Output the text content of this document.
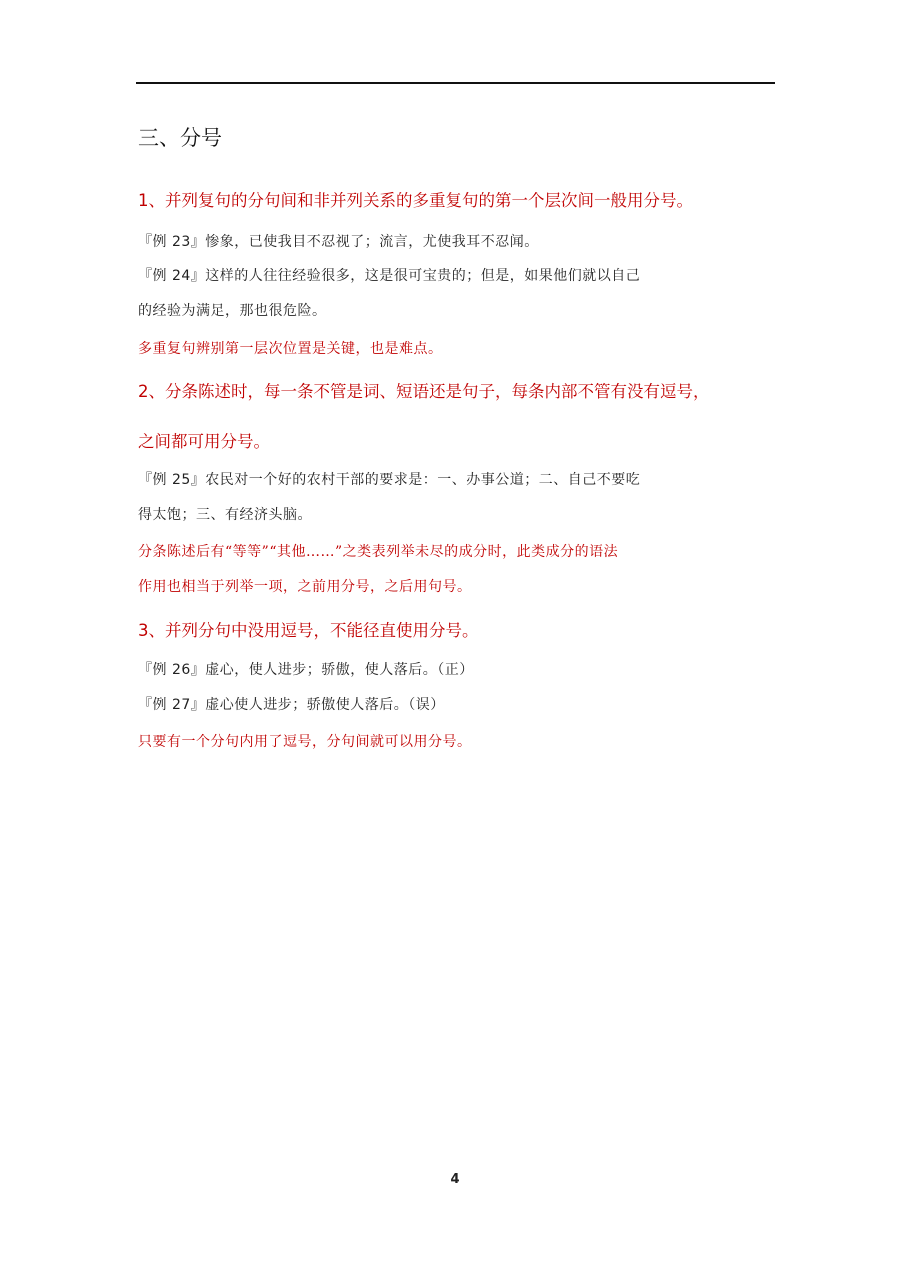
三、分号
1、并列复句的分句间和非并列关系的多重复句的第一个层次间一般用分号。
『例 23』惨象，已使我目不忍视了；流言，尤使我耳不忍闻。
『例 24』这样的人往往经验很多，这是很可宝贵的；但是，如果他们就以自己
的经验为满足，那也很危险。
多重复句辨别第一层次位置是关键，也是难点。
2、分条陈述时，每一条不管是词、短语还是句子，每条内部不管有没有逗号，
之间都可用分号。
『例 25』农民对一个好的农村干部的要求是：一、办事公道；二、自己不要吃
得太饱；三、有经济头脑。
分条陈述后有“等等”“其他……”之类表列举未尽的成分时，此类成分的语法
作用也相当于列举一项，之前用分号，之后用句号。
3、并列分句中没用逗号，不能径直使用分号。
『例 26』虚心，使人进步；骄傲，使人落后。（正）
『例 27』虚心使人进步；骄傲使人落后。（误）
只要有一个分句内用了逗号，分句间就可以用分号。
4
